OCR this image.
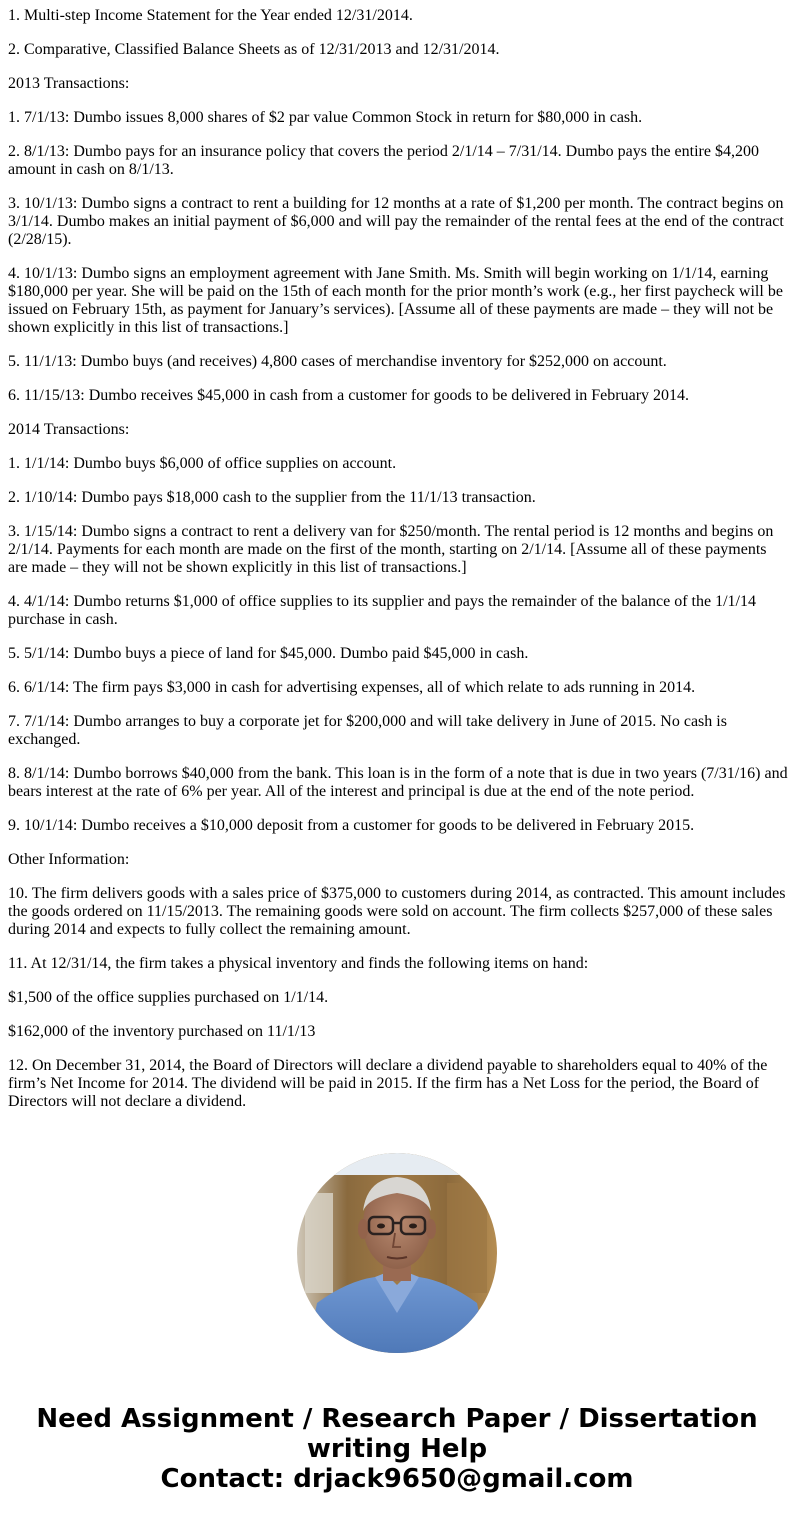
1. Multi-step Income Statement for the Year ended 12/31/2014.

2. Comparative, Classified Balance Sheets as of 12/31/2013 and 12/31/2014.

2013 Transactions:

1. 7/1/13: Dumbo issues 8,000 shares of $2 par value Common Stock in return for $80,000 in cash.

2. 8/1/13: Dumbo pays for an insurance policy that covers the period 2/1/14 – 7/31/14. Dumbo pays the entire $4,200 amount in cash on 8/1/13.

3. 10/1/13: Dumbo signs a contract to rent a building for 12 months at a rate of $1,200 per month. The contract begins on 3/1/14. Dumbo makes an initial payment of $6,000 and will pay the remainder of the rental fees at the end of the contract (2/28/15).

4. 10/1/13: Dumbo signs an employment agreement with Jane Smith. Ms. Smith will begin working on 1/1/14, earning $180,000 per year. She will be paid on the 15th of each month for the prior month’s work (e.g., her first paycheck will be issued on February 15th, as payment for January’s services). [Assume all of these payments are made – they will not be shown explicitly in this list of transactions.]

5. 11/1/13: Dumbo buys (and receives) 4,800 cases of merchandise inventory for $252,000 on account.

6. 11/15/13: Dumbo receives $45,000 in cash from a customer for goods to be delivered in February 2014.

2014 Transactions:

1. 1/1/14: Dumbo buys $6,000 of office supplies on account.

2. 1/10/14: Dumbo pays $18,000 cash to the supplier from the 11/1/13 transaction.

3. 1/15/14: Dumbo signs a contract to rent a delivery van for $250/month. The rental period is 12 months and begins on 2/1/14. Payments for each month are made on the first of the month, starting on 2/1/14. [Assume all of these payments are made – they will not be shown explicitly in this list of transactions.]

4. 4/1/14: Dumbo returns $1,000 of office supplies to its supplier and pays the remainder of the balance of the 1/1/14 purchase in cash.

5. 5/1/14: Dumbo buys a piece of land for $45,000. Dumbo paid $45,000 in cash.

6. 6/1/14: The firm pays $3,000 in cash for advertising expenses, all of which relate to ads running in 2014.

7. 7/1/14: Dumbo arranges to buy a corporate jet for $200,000 and will take delivery in June of 2015. No cash is exchanged.

8. 8/1/14: Dumbo borrows $40,000 from the bank. This loan is in the form of a note that is due in two years (7/31/16) and bears interest at the rate of 6% per year. All of the interest and principal is due at the end of the note period.

9. 10/1/14: Dumbo receives a $10,000 deposit from a customer for goods to be delivered in February 2015.

Other Information:

10. The firm delivers goods with a sales price of $375,000 to customers during 2014, as contracted. This amount includes the goods ordered on 11/15/2013. The remaining goods were sold on account. The firm collects $257,000 of these sales during 2014 and expects to fully collect the remaining amount.

11. At 12/31/14, the firm takes a physical inventory and finds the following items on hand:

$1,500 of the office supplies purchased on 1/1/14.

$162,000 of the inventory purchased on 11/1/13

12. On December 31, 2014, the Board of Directors will declare a dividend payable to shareholders equal to 40% of the firm’s Net Income for 2014. The dividend will be paid in 2015. If the firm has a Net Loss for the period, the Board of Directors will not declare a dividend.

Need Assignment / Research Paper / Dissertation
writing Help
Contact: drjack9650@gmail.com
